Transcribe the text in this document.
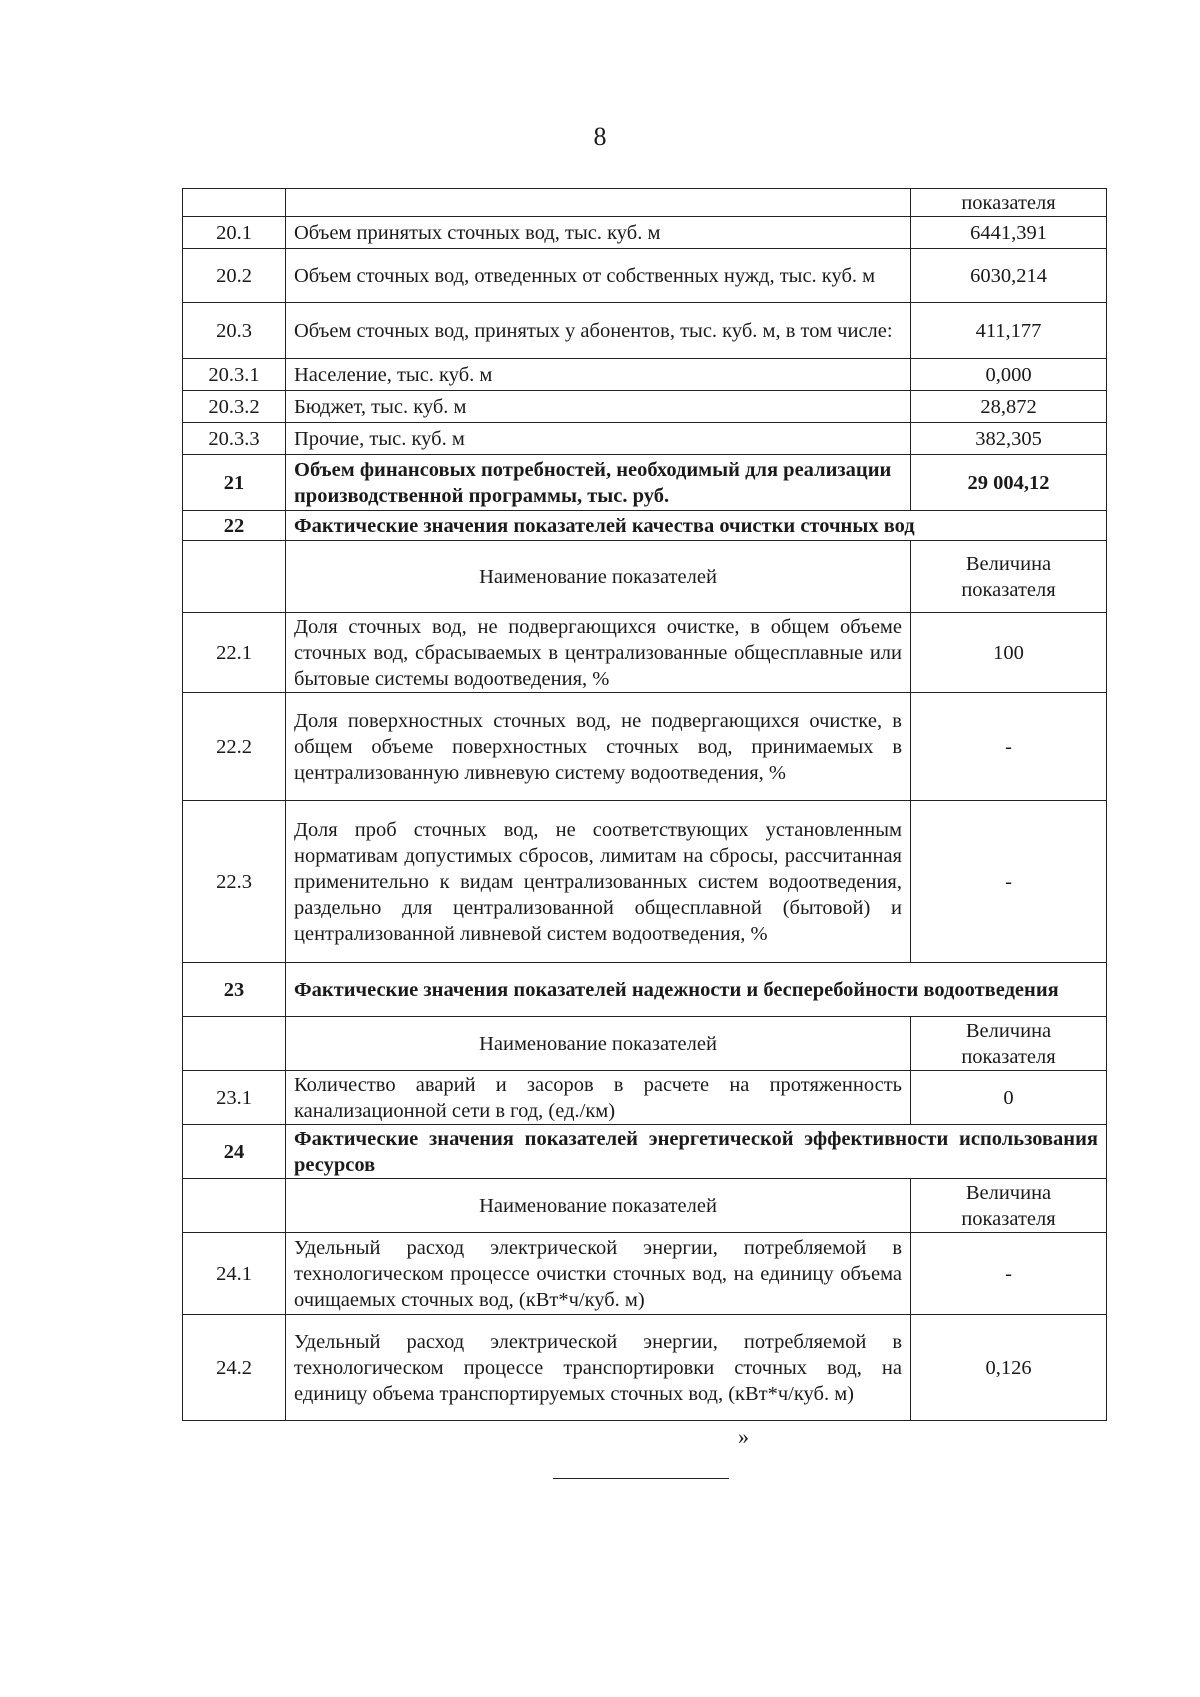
8
		показателя
20.1	Объем принятых сточных вод, тыс. куб. м	6441,391
20.2	Объем сточных вод, отведенных от собственных нужд, тыс. куб. м	6030,214
20.3	Объем сточных вод, принятых у абонентов, тыс. куб. м, в том числе:	411,177
20.3.1	Население, тыс. куб. м	0,000
20.3.2	Бюджет, тыс. куб. м	28,872
20.3.3	Прочие, тыс. куб. м	382,305
21	Объем финансовых потребностей, необходимый для реализации производственной программы, тыс. руб.	29 004,12
22	Фактические значения показателей качества очистки сточных вод	
	Наименование показателей	Величина показателя
22.1	Доля сточных вод, не подвергающихся очистке, в общем объеме сточных вод, сбрасываемых в централизованные общесплавные или бытовые системы водоотведения, %	100
22.2	Доля поверхностных сточных вод, не подвергающихся очистке, в общем объеме поверхностных сточных вод, принимаемых в централизованную ливневую систему водоотведения, %	-
22.3	Доля проб сточных вод, не соответствующих установленным нормативам допустимых сбросов, лимитам на сбросы, рассчитанная применительно к видам централизованных систем водоотведения, раздельно для централизованной общесплавной (бытовой) и централизованной ливневой систем водоотведения, %	-
23	Фактические значения показателей надежности и бесперебойности водоотведения	
	Наименование показателей	Величина показателя
23.1	Количество аварий и засоров в расчете на протяженность канализационной сети в год, (ед./км)	0
24	Фактические значения показателей энергетической эффективности использования ресурсов	
	Наименование показателей	Величина показателя
24.1	Удельный расход электрической энергии, потребляемой в технологическом процессе очистки сточных вод, на единицу объема очищаемых сточных вод, (кВт*ч/куб. м)	-
24.2	Удельный расход электрической энергии, потребляемой в технологическом процессе транспортировки сточных вод, на единицу объема транспортируемых сточных вод, (кВт*ч/куб. м)	0,126
»
